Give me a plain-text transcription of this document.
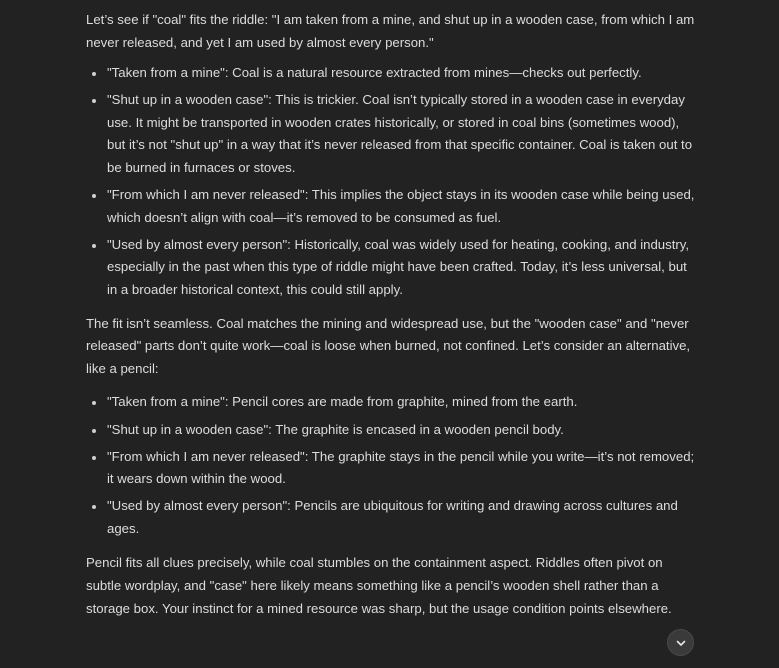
Let’s see if "coal" fits the riddle: "I am taken from a mine, and shut up in a wooden case, from which I am never released, and yet I am used by almost every person."

"Taken from a mine": Coal is a natural resource extracted from mines—checks out perfectly.
"Shut up in a wooden case": This is trickier. Coal isn’t typically stored in a wooden case in everyday use. It might be transported in wooden crates historically, or stored in coal bins (sometimes wood), but it’s not "shut up" in a way that it’s never released from that specific container. Coal is taken out to be burned in furnaces or stoves.
"From which I am never released": This implies the object stays in its wooden case while being used, which doesn’t align with coal—it’s removed to be consumed as fuel.
"Used by almost every person": Historically, coal was widely used for heating, cooking, and industry, especially in the past when this type of riddle might have been crafted. Today, it’s less universal, but in a broader historical context, this could still apply.

The fit isn’t seamless. Coal matches the mining and widespread use, but the "wooden case" and "never released" parts don’t quite work—coal is loose when burned, not confined. Let’s consider an alternative, like a pencil:

"Taken from a mine": Pencil cores are made from graphite, mined from the earth.
"Shut up in a wooden case": The graphite is encased in a wooden pencil body.
"From which I am never released": The graphite stays in the pencil while you write—it’s not removed; it wears down within the wood.
"Used by almost every person": Pencils are ubiquitous for writing and drawing across cultures and ages.

Pencil fits all clues precisely, while coal stumbles on the containment aspect. Riddles often pivot on subtle wordplay, and "case" here likely means something like a pencil’s wooden shell rather than a storage box. Your instinct for a mined resource was sharp, but the usage condition points elsewhere.
